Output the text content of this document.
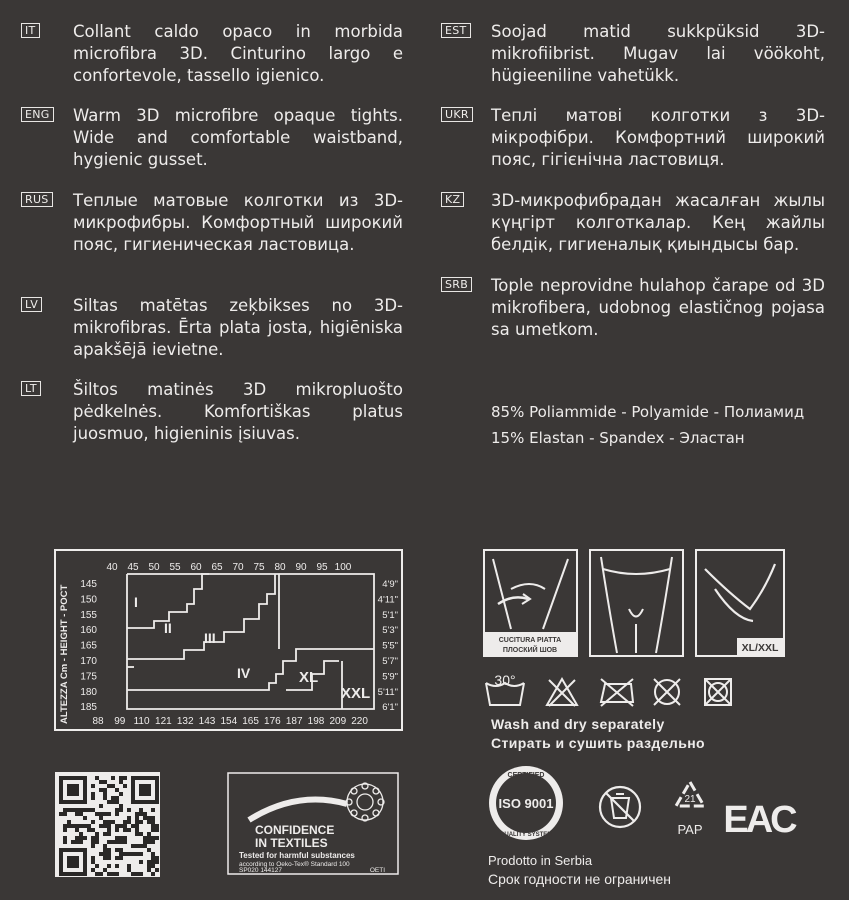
IT Collant caldo opaco in morbida microfibra 3D. Cinturino largo e confortevole, tassello igienico.
ENG Warm 3D microfibre opaque tights. Wide and comfortable waistband, hygienic gusset.
RUS Теплые матовые колготки из 3D-микрофибры. Комфортный широкий пояс, гигиеническая ластовица.
LV Siltas matētas zeķbikses no 3D-mikrofibras. Ērta plata josta, higiēniska apakšējā ievietne.
LT Šiltos matinės 3D mikropluošto pėdkelnės. Komfortiškas platus juosmuo, higieninis įsiuvas.
EST Soojad matid sukkpüksid 3D-mikrofiibrist. Mugav lai vöökoht, hügieeniline vahetükk.
UKR Теплі матові колготки з 3D-мікрофібри. Комфортний широкий пояс, гігієнічна ластовиця.
KZ 3D-микрофибрадан жасалған жылы күңгірт колготкалар. Кең жайлы белдік, гигиеналық қиындысы бар.
SRB Tople neprovidne hulahop čarape od 3D mikrofibera, udobnog elastičnog pojasa sa umetkom.
85% Poliammide - Polyamide - Полиамид
15% Elastan - Spandex - Эластан
ALTEZZA Cm - HEIGHT - POCT
40 45 50 55 60 65 70 75 80 90 95 100
145
150
155
160
165
170
175
180
185
4'9"
4'11"
5'1"
5'3"
5'5"
5'7"
5'9"
5'11"
6'1"
88 99 110 121 132 143 154 165 176 187 198 209 220
I
II
III
IV	XL
XXL
CUCITURA PIATTA
ПЛОСКИЙ ШОВ	XL/XXL
30°
Wash and dry separately
Стирать и сушить раздельно
CONFIDENCE
IN TEXTILES
Tested for harmful substances
according to Oeko-Tex® Standard 100
SP020 144127	OETI
CERTIFIED
ISO 9001
QUALITY SYSTEM
21
PAP EAC
Prodotto in Serbia
Срок годности не ограничен
